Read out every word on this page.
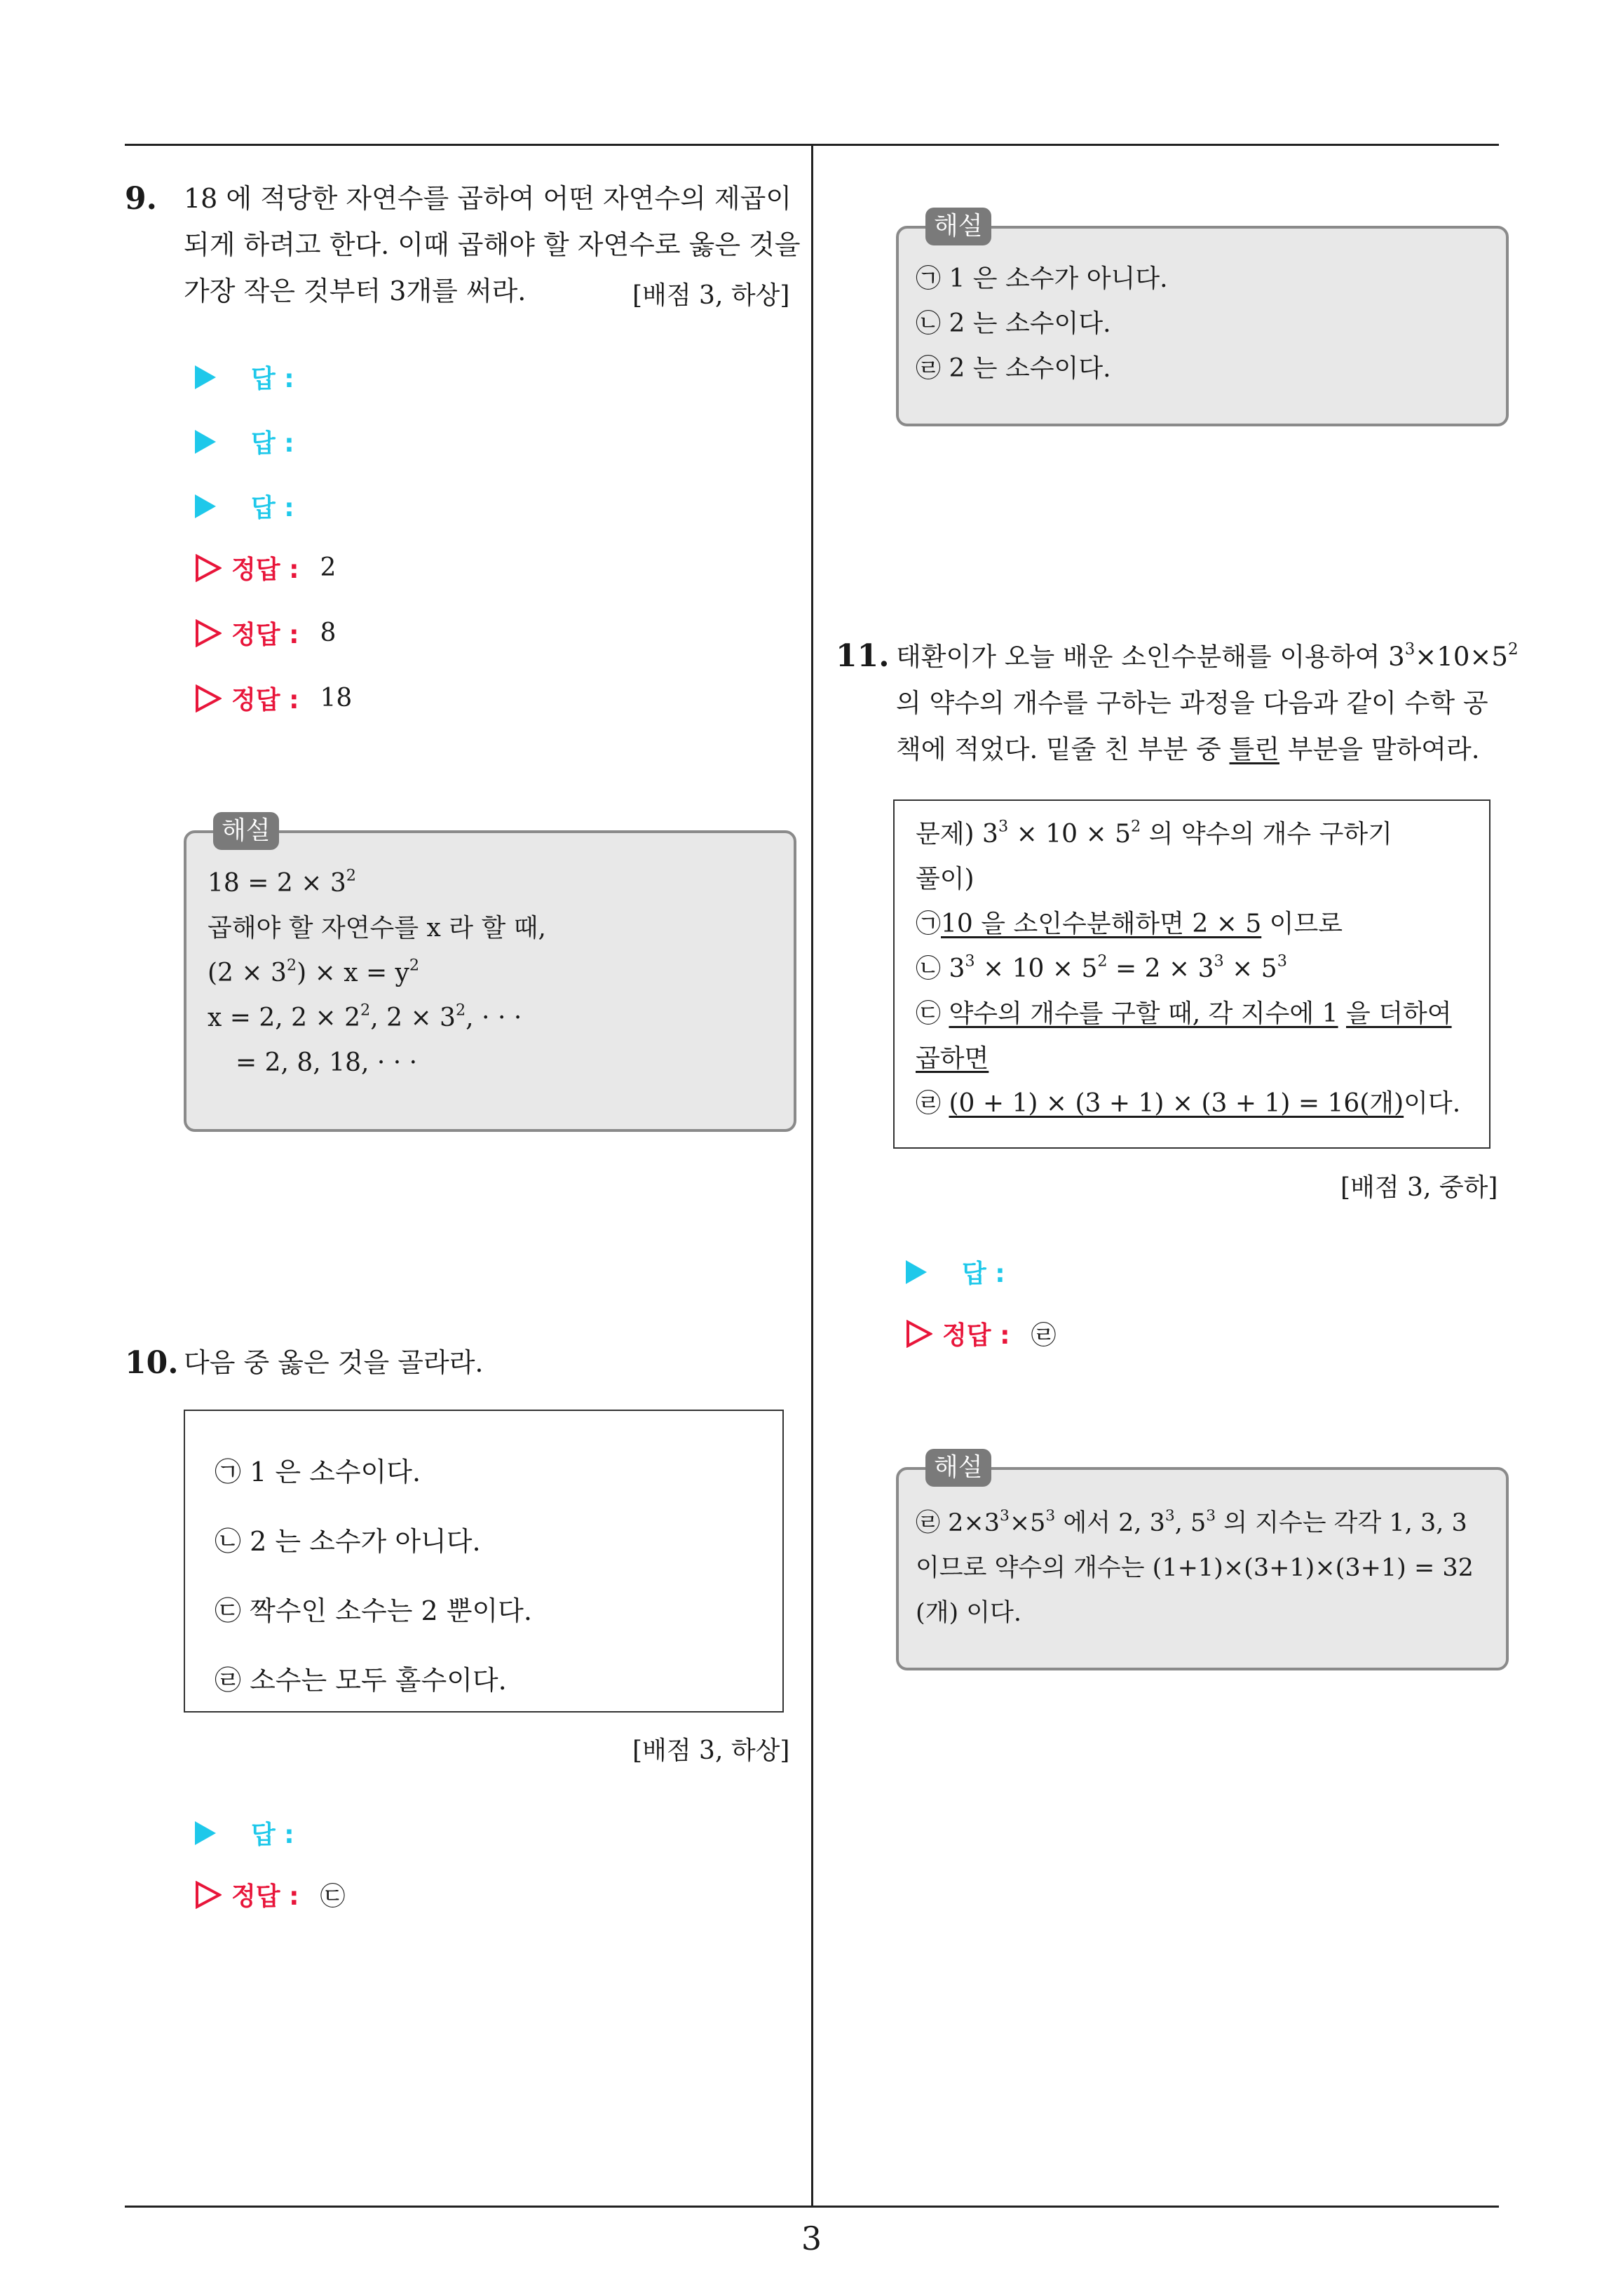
9. 18 에 적당한 자연수를 곱하여 어떤 자연수의 제곱이
되게 하려고 한다. 이때 곱해야 할 자연수로 옳은 것을
가장 작은 것부터 3개를 써라.	[배점 3, 하상]
답 :
답 :
답 :
정답 : 2
정답 : 8
정답 : 18
해설
$18 = 2 \times 3^2$
곱해야 할 자연수를 x 라 할 때,
$(2 \times 3^2) \times x = y^2$
x = 2, $2 \times 2^2$, $2 \times 3^2$, · · ·
= 2, 8, 18, · · ·
10. 다음 중 옳은 것을 골라라.
㉠ 1 은 소수이다.
㉡ 2 는 소수가 아니다.
㉢ 짝수인 소수는 2 뿐이다.
㉣ 소수는 모두 홀수이다.
[배점 3, 하상]
답 :
정답 : ㉢
해설
㉠ 1 은 소수가 아니다.
㉡ 2 는 소수이다.
㉣ 2 는 소수이다.
11. 태환이가 오늘 배운 소인수분해를 이용하여 $3^3\times 10\times 5^2$
의 약수의 개수를 구하는 과정을 다음과 같이 수학 공
책에 적었다. 밑줄 친 부분 중 틀린 부분을 말하여라.
문제) $3^3 \times 10 \times 5^2$ 의 약수의 개수 구하기
풀이)
㉠10 을 소인수분해하면 2 × 5 이므로
㉡ $3^3 \times 10 \times 5^2 = 2 \times 3^3 \times 5^3$
㉢ 약수의 개수를 구할 때, 각 지수에 1 을 더하여
곱하면
㉣ (0 + 1) × (3 + 1) × (3 + 1) = 16(개)이다.
[배점 3, 중하]
답 :
정답 : ㉣
해설
㉣ $2\times 3^3\times 5^3$ 에서 2, $3^3$, $5^3$ 의 지수는 각각 1, 3, 3
이므로 약수의 개수는 (1+1)×(3+1)×(3+1) = 32
(개) 이다.
3
